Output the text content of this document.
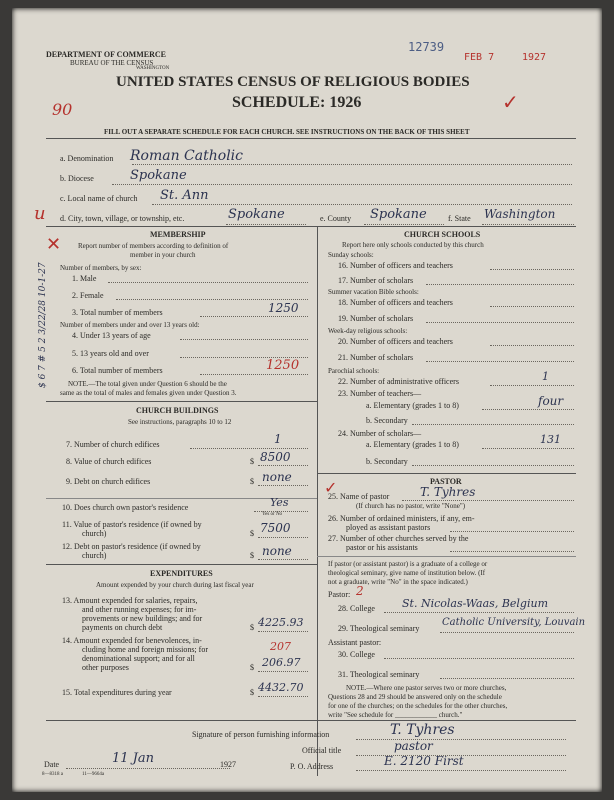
DEPARTMENT OF COMMERCE
BUREAU OF THE CENSUS
WASHINGTON
12739
FEB 7	1927
UNITED STATES CENSUS OF RELIGIOUS BODIES
SCHEDULE: 1926
90	✓
FILL OUT A SEPARATE SCHEDULE FOR EACH CHURCH. SEE INSTRUCTIONS ON THE BACK OF THIS SHEET
a. Denomination Roman Catholic
b. Diocese	Spokane
c. Local name of church St. Ann
u d. City, town, village, or township, etc.	Spokane	e. County Spokane	f. State Washington
MEMBERSHIP
✕ Report number of members according to definition of
member in your church
Number of members, by sex:
1. Male
2. Female
3. Total number of members	1250
Number of members under and over 13 years old:
4. Under 13 years of age
5. 13 years old and over
6. Total number of members	1250
NOTE.—The total given under Question 6 should be the
same as the total of males and females given under Question 3.
$ 6 7 # 5 2 3/22/28 10-1-27
CHURCH BUILDINGS
See instructions, paragraphs 10 to 12
7. Number of church edifices	1
8. Value of church edifices	$ 8500
9. Debt on church edifices	$ none
10. Does church own pastor's residence	Yes
Yes or No
11. Value of pastor's residence (if owned by
church)	$ 7500
12. Debt on pastor's residence (if owned by
church)	$ none
EXPENDITURES
Amount expended by your church during last fiscal year
13. Amount expended for salaries, repairs,
and other running expenses; for im-
provements or new buildings; and for
payments on church debt	$ 4225.93
14. Amount expended for benevolences, in-
cluding home and foreign missions; for
denominational support; and for all
other purposes
207
$ 206.97
15. Total expenditures during year	$ 4432.70
CHURCH SCHOOLS
Report here only schools conducted by this church
Sunday schools:
16. Number of officers and teachers
17. Number of scholars
Summer vacation Bible schools:
18. Number of officers and teachers
19. Number of scholars
Week-day religious schools:
20. Number of officers and teachers
21. Number of scholars
Parochial schools:
22. Number of administrative officers	1
23. Number of teachers—
a. Elementary (grades 1 to 8)	four
b. Secondary
24. Number of scholars—
a. Elementary (grades 1 to 8)	131
b. Secondary
PASTOR
✓
25. Name of pastor	T. Tyhres
(If church has no pastor, write "None")
26. Number of ordained ministers, if any, em-
ployed as assistant pastors
27. Number of other churches served by the
pastor or his assistants
If pastor (or assistant pastor) is a graduate of a college or
theological seminary, give name of institution below. (If
not a graduate, write "No" in the space indicated.)
Pastor: 2
28. College St. Nicolas-Waas, Belgium
29. Theological seminary
Catholic University, Louvain
Assistant pastor:
30. College
31. Theological seminary
NOTE.—Where one pastor serves two or more churches,
Questions 28 and 29 should be answered only on the schedule
for one of the churches; on the schedules for the other churches,
write "See schedule for ____________ church."
Signature of person furnishing information	T. Tyhres
Official title	pastor
Date	11 Jan	1927	P. O. Address	E. 2120 First
8—8318 a	11—9664a
